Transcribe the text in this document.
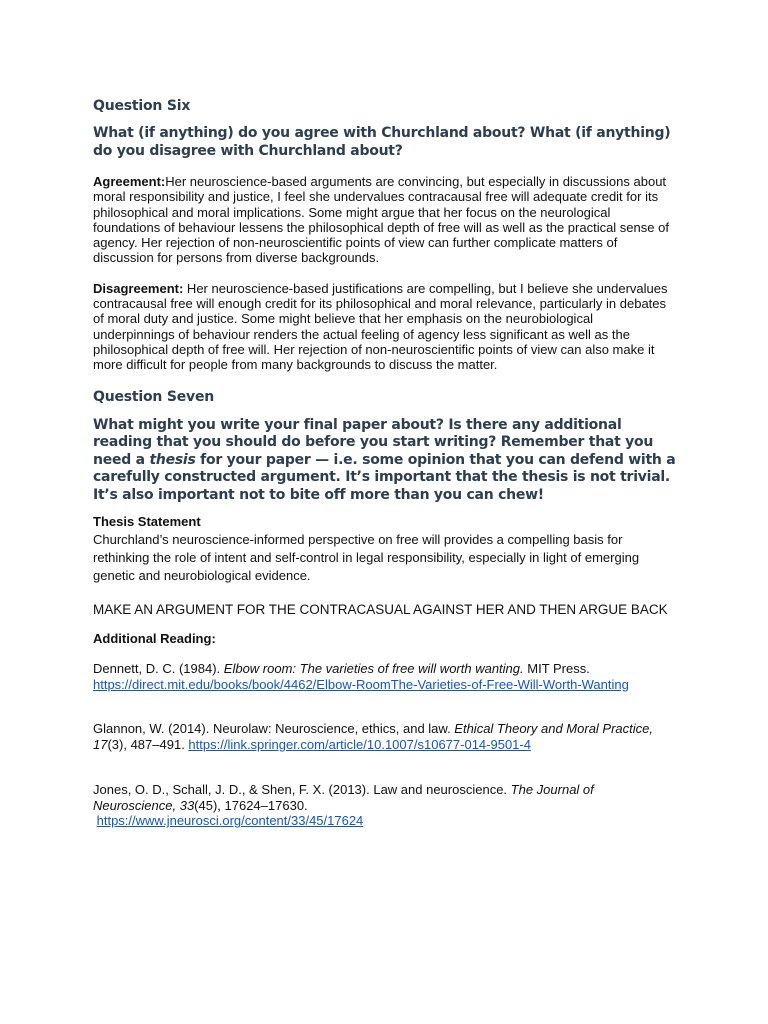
Question Six

What (if anything) do you agree with Churchland about? What (if anything) do you disagree with Churchland about?

Agreement:Her neuroscience-based arguments are convincing, but especially in discussions about moral responsibility and justice, I feel she undervalues contracausal free will adequate credit for its philosophical and moral implications. Some might argue that her focus on the neurological foundations of behaviour lessens the philosophical depth of free will as well as the practical sense of agency. Her rejection of non-neuroscientific points of view can further complicate matters of discussion for persons from diverse backgrounds.

Disagreement: Her neuroscience-based justifications are compelling, but I believe she undervalues contracausal free will enough credit for its philosophical and moral relevance, particularly in debates of moral duty and justice. Some might believe that her emphasis on the neurobiological underpinnings of behaviour renders the actual feeling of agency less significant as well as the philosophical depth of free will. Her rejection of non-neuroscientific points of view can also make it more difficult for people from many backgrounds to discuss the matter.

Question Seven

What might you write your final paper about? Is there any additional reading that you should do before you start writing? Remember that you need a thesis for your paper — i.e. some opinion that you can defend with a carefully constructed argument. It’s important that the thesis is not trivial. It’s also important not to bite off more than you can chew!

Thesis Statement

Churchland’s neuroscience-informed perspective on free will provides a compelling basis for rethinking the role of intent and self-control in legal responsibility, especially in light of emerging genetic and neurobiological evidence.

MAKE AN ARGUMENT FOR THE CONTRACASUAL AGAINST HER AND THEN ARGUE BACK

Additional Reading:

Dennett, D. C. (1984). Elbow room: The varieties of free will worth wanting. MIT Press.
https://direct.mit.edu/books/book/4462/Elbow-RoomThe-Varieties-of-Free-Will-Worth-Wanting

Glannon, W. (2014). Neurolaw: Neuroscience, ethics, and law. Ethical Theory and Moral Practice, 17(3), 487–491. https://link.springer.com/article/10.1007/s10677-014-9501-4

Jones, O. D., Schall, J. D., & Shen, F. X. (2013). Law and neuroscience. The Journal of Neuroscience, 33(45), 17624–17630.
https://www.jneurosci.org/content/33/45/17624
